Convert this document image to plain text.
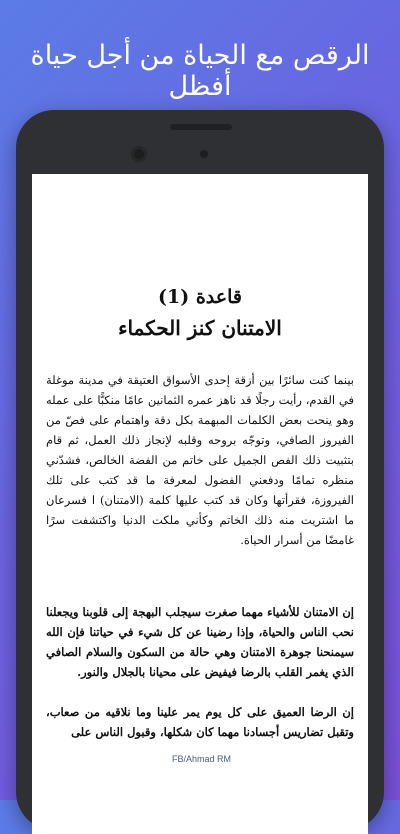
الرقص مع الحياة من أجل حياة أفظل
قاعدة (1)
الامتنان كنز الحكماء

بينما كنت سائرًا بين أزقة إحدى الأسواق العتيقة في مدينة موغلة في القدم، رأيت رجلًا قد ناهز عمره الثمانين عامًا منكبًّا على عمله وهو ينحت بعض الكلمات المبهمة بكل دقة واهتمام على فصّ من الفيروز الصافي، وتوجّه بروحه وقلبه لإنجاز ذلك العمل، ثم قام بتثبيت ذلك الفص الجميل على خاتم من الفضة الخالص، فشدّني منظره تمامًا ودفعني الفضول لمعرفة ما قد كتب على تلك الفيروزة، فقرأتها وكان قد كتب عليها كلمة (الامتنان) ا فسرعان ما اشتريت منه ذلك الخاتم وكأني ملكت الدنيا واكتشفت سرًا غامضًا من أسرار الحياة.

إن الامتنان للأشياء مهما صغرت سيجلب البهجة إلى قلوبنا ويجعلنا نحب الناس والحياة، وإذا رضينا عن كل شيء في حياتنا فإن الله سيمنحنا جوهرة الامتنان وهي حالة من السكون والسلام الصافي الذي يغمر القلب بالرضا فيفيض على محيانا بالجلال والنور.

إن الرضا العميق على كل يوم يمر علينا وما نلاقيه من صعاب، وتقبل تضاريس أجسادنا مهما كان شكلها، وقبول الناس على

FB/Ahmad RM
